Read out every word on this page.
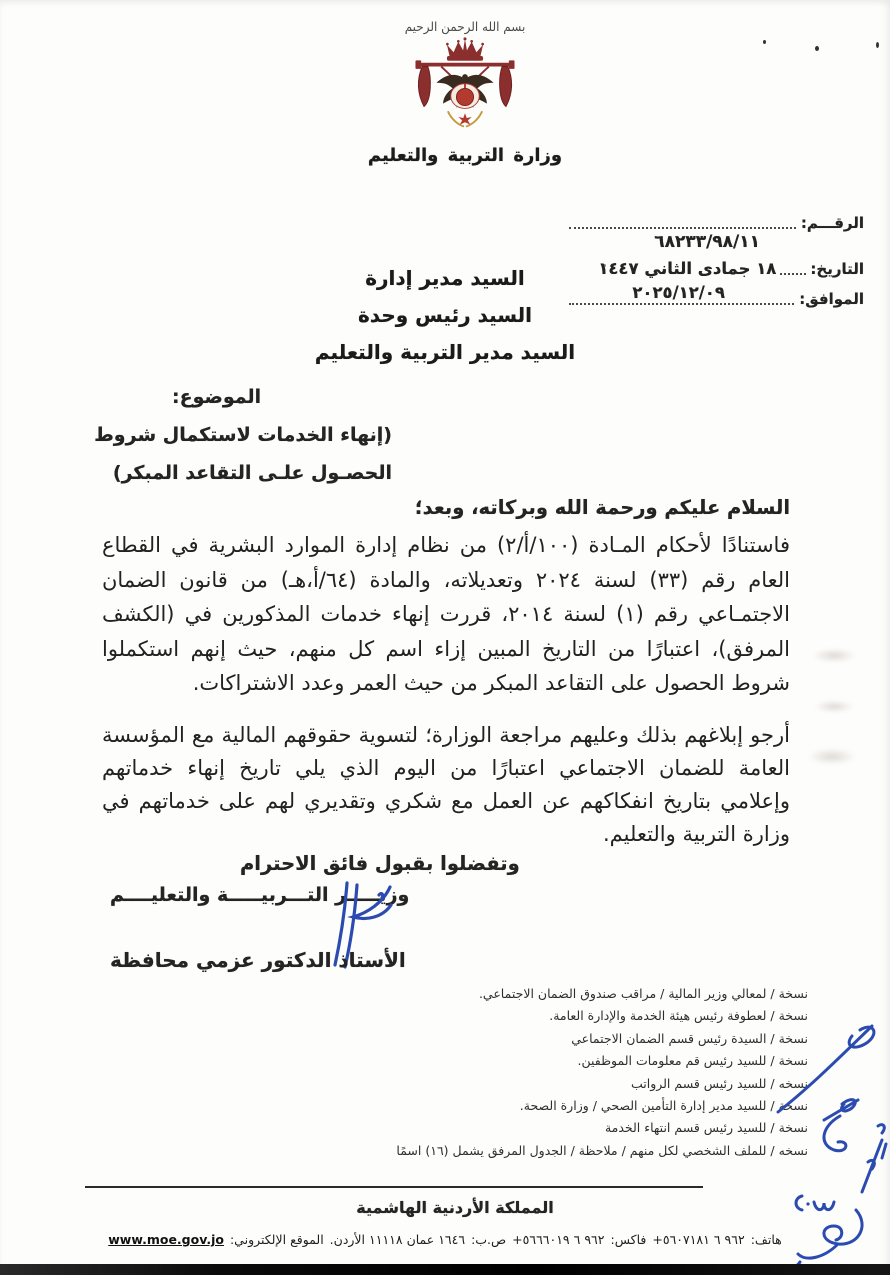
بسم الله الرحمن الرحيم
وزارة التربية والتعليم
الرقـــم:
٦٨٢٣٣/٩٨/١١
التاريخ:
١٨ جمادى الثاني ١٤٤٧
الموافق:
٢٠٢٥/١٢/٠٩
السيد مدير إدارة
السيد رئيس وحدة
السيد مدير التربية والتعليم
الموضوع:
(إنهاء الخدمات لاستكمال شروط
الحصـول علـى التقاعد المبكر)
السلام عليكم ورحمة الله وبركاته، وبعد؛
فاستنادًا لأحكام المـادة (١٠٠/أ/٢) من نظام إدارة الموارد البشرية في القطاع العام رقم (٣٣) لسنة ٢٠٢٤ وتعديلاته، والمادة (٦٤/أ،هـ) من قانون الضمان الاجتمـاعي رقم (١) لسنة ٢٠١٤، قررت إنهاء خدمات المذكورين في (الكشف المرفق)، اعتبارًا من التاريخ المبين إزاء اسم كل منهم، حيث إنهم استكملوا شروط الحصول على التقاعد المبكر من حيث العمر وعدد الاشتراكات.
أرجو إبلاغهم بذلك وعليهم مراجعة الوزارة؛ لتسوية حقوقهم المالية مع المؤسسة العامة للضمان الاجتماعي اعتبارًا من اليوم الذي يلي تاريخ إنهاء خدماتهم وإعلامي بتاريخ انفكاكهم عن العمل مع شكري وتقديري لهم على خدماتهم في وزارة التربية والتعليم.
وتفضلوا بقبول فائق الاحترام
وزيـــــر التـــربيـــــة والتعليــــم
الأستاذ الدكتور عزمي محافظة
نسخة / لمعالي وزير المالية / مراقب صندوق الضمان الاجتماعي.
نسخة / لعطوفة رئيس هيئة الخدمة والإدارة العامة.
نسخة / السيدة رئيس قسم الضمان الاجتماعي
نسخة / للسيد رئيس قم معلومات الموظفين.
نسخه / للسيد رئيس قسم الرواتب
نسخة / للسيد مدير إدارة التأمين الصحي / وزارة الصحة.
نسخة / للسيد رئيس قسم انتهاء الخدمة
نسخه / للملف الشخصي لكل منهم / ملاحظة / الجدول المرفق يشمل (١٦) اسمًا
المملكة الأردنية الهاشمية
هاتف:+٩٦٢ ٦ ٥٦٠٧١٨١فاكس:+٩٦٢ ٦ ٥٦٦٦٠١٩ص.ب:١٦٤٦ عمان ١١١١٨ الأردن.الموقع الإلكتروني:www.moe.gov.jo
